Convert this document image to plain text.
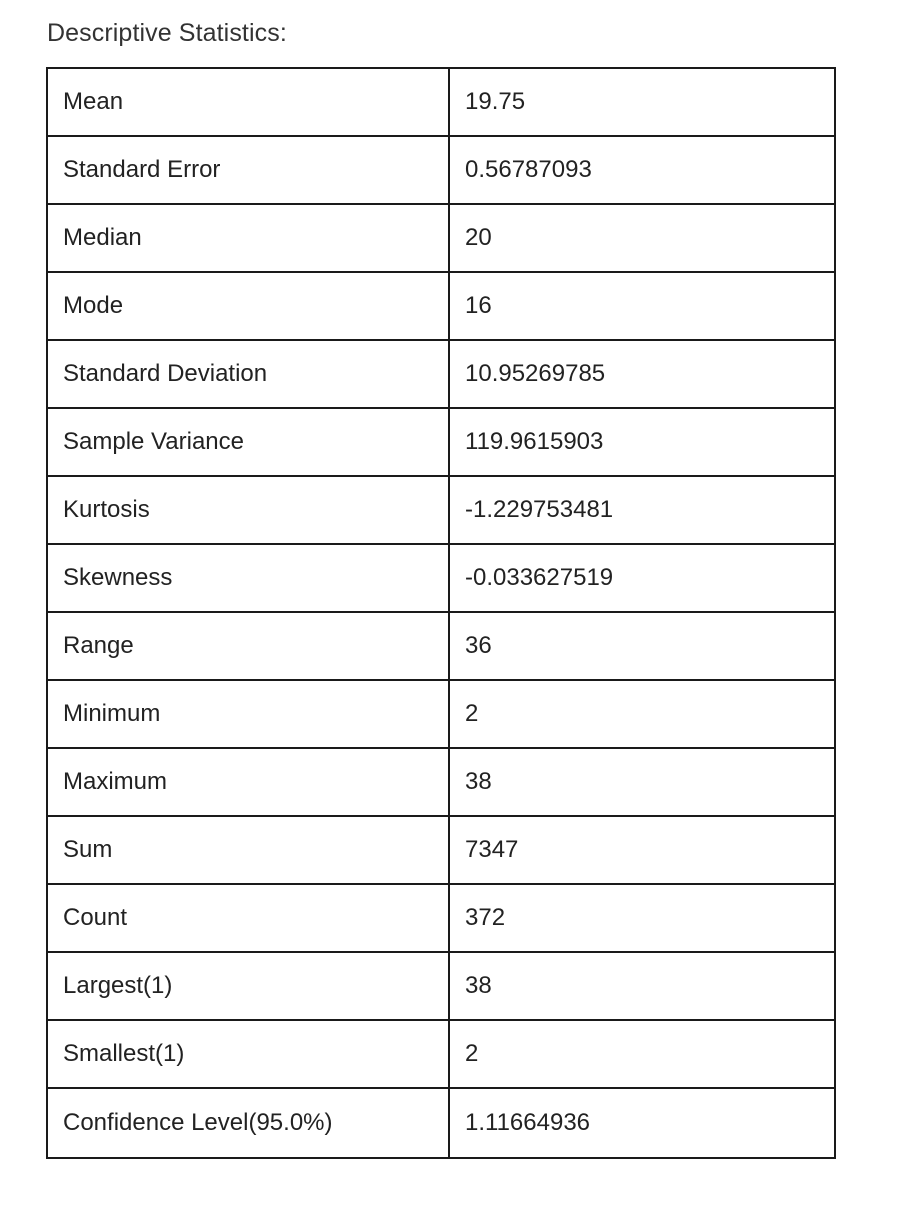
Descriptive Statistics:
Mean	19.75
Standard Error	0.56787093
Median	20
Mode	16
Standard Deviation	10.95269785
Sample Variance	119.9615903
Kurtosis	-1.229753481
Skewness	-0.033627519
Range	36
Minimum	2
Maximum	38
Sum	7347
Count	372
Largest(1)	38
Smallest(1)	2
Confidence Level(95.0%)	1.11664936
